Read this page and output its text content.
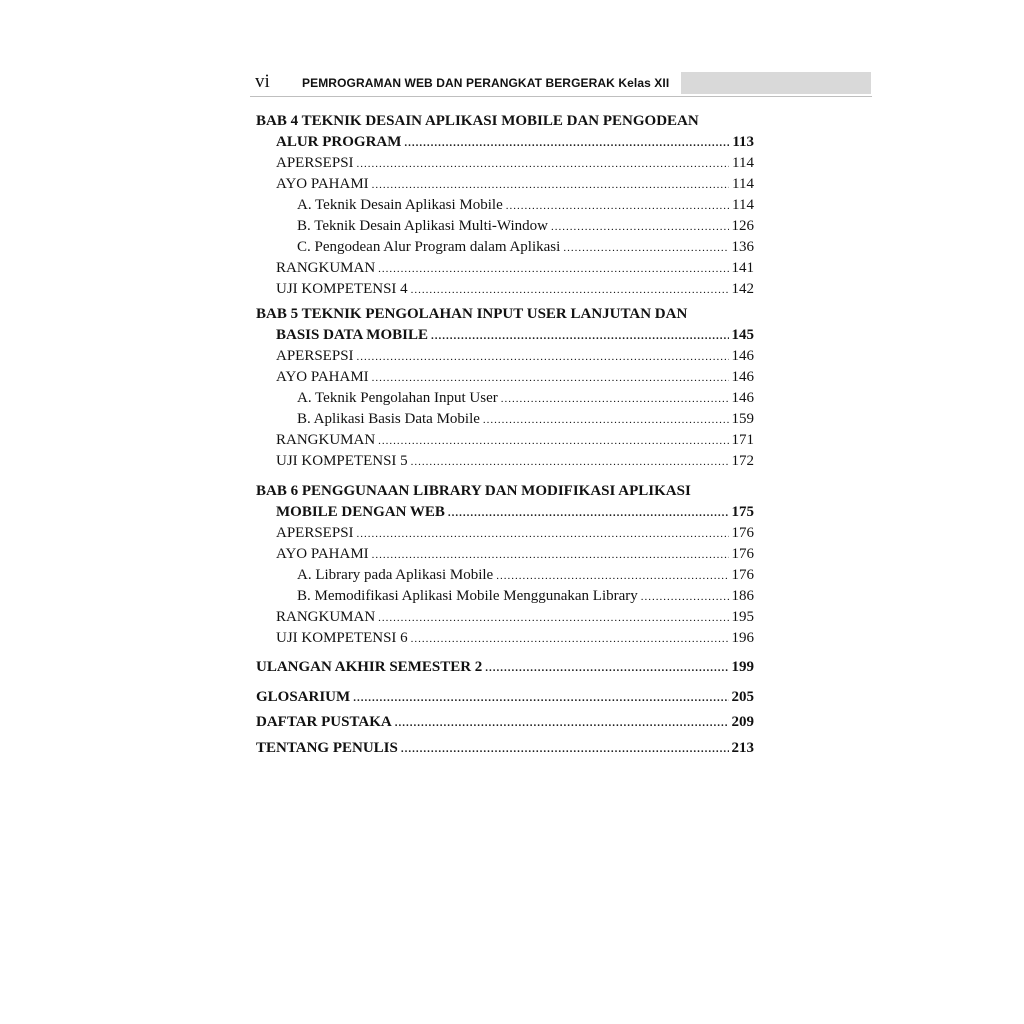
vi	PEMROGRAMAN WEB DAN PERANGKAT BERGERAK Kelas XII
BAB 4 TEKNIK DESAIN APLIKASI MOBILE DAN PENGODEAN
ALUR PROGRAM .....	113
APERSEPSI .....	114
AYO PAHAMI .....	114
A. Teknik Desain Aplikasi Mobile .....	114
B. Teknik Desain Aplikasi Multi-Window .....	126
C. Pengodean Alur Program dalam Aplikasi .....	136
RANGKUMAN .....	141
UJI KOMPETENSI 4 .....	142
BAB 5 TEKNIK PENGOLAHAN INPUT USER LANJUTAN DAN
BASIS DATA MOBILE .....	145
APERSEPSI .....	146
AYO PAHAMI .....	146
A. Teknik Pengolahan Input User .....	146
B. Aplikasi Basis Data Mobile .....	159
RANGKUMAN .....	171
UJI KOMPETENSI 5 .....	172
BAB 6 PENGGUNAAN LIBRARY DAN MODIFIKASI APLIKASI
MOBILE DENGAN WEB .....	175
APERSEPSI .....	176
AYO PAHAMI .....	176
A. Library pada Aplikasi Mobile .....	176
B. Memodifikasi Aplikasi Mobile Menggunakan Library .....	186
RANGKUMAN .....	195
UJI KOMPETENSI 6 .....	196
ULANGAN AKHIR SEMESTER 2 .....	199
GLOSARIUM .....	205
DAFTAR PUSTAKA .....	209
TENTANG PENULIS .....	213
